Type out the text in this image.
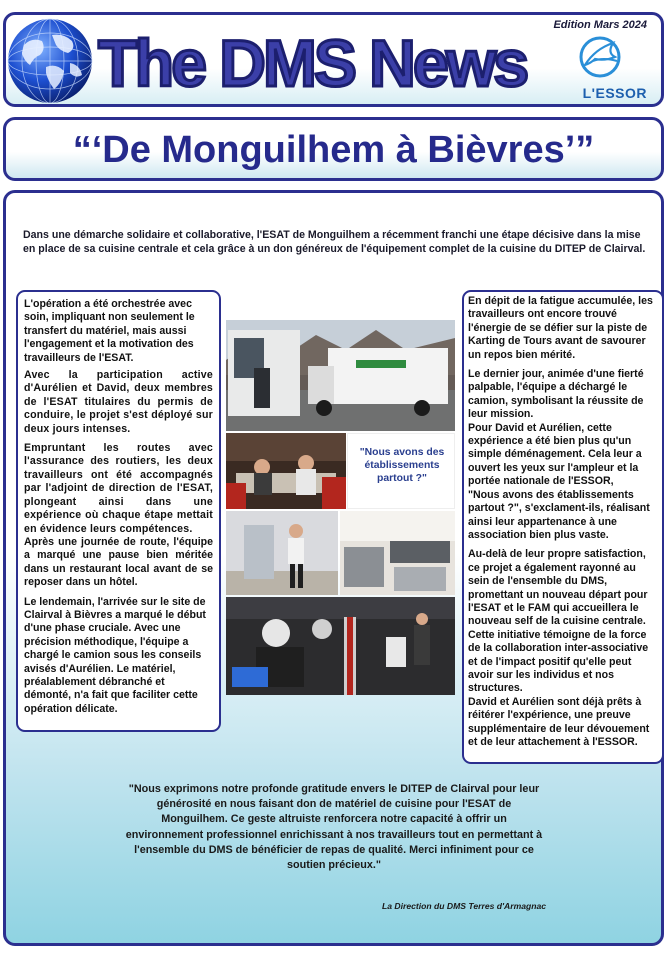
The DMS News
Edition Mars 2024
L'ESSOR
“‘De Monguilhem à Bièvres’”
Dans une démarche solidaire et collaborative, l'ESAT de Monguilhem a récemment franchi une étape décisive dans la mise en place de sa cuisine centrale et cela grâce à un don généreux de l'équipement complet de la cuisine du DITEP de Clairval.

L'opération a été orchestrée avec soin, impliquant non seulement le transfert du matériel, mais aussi l'engagement et la motivation des travailleurs de l'ESAT.

Avec la participation active d'Aurélien et David, deux membres de l'ESAT titulaires du permis de conduire, le projet s'est déployé sur deux jours intenses.

Empruntant les routes avec l'assurance des routiers, les deux travailleurs ont été accompagnés par l'adjoint de direction de l'ESAT, plongeant ainsi dans une expérience où chaque étape mettait en évidence leurs compétences.

Après une journée de route, l'équipe a marqué une pause bien méritée dans un restaurant local avant de se reposer dans un hôtel.

Le lendemain, l'arrivée sur le site de Clairval à Bièvres a marqué le début d'une phase cruciale. Avec une précision méthodique, l'équipe a chargé le camion sous les conseils avisés d'Aurélien. Le matériel, préalablement débranché et démonté, n'a fait que faciliter cette opération délicate.

"Nous avons des établissements partout ?"

En dépit de la fatigue accumulée, les travailleurs ont encore trouvé l'énergie de se défier sur la piste de Karting de Tours avant de savourer un repos bien mérité.

Le dernier jour, animée d'une fierté palpable, l'équipe a déchargé le camion, symbolisant la réussite de leur mission.

Pour David et Aurélien, cette expérience a été bien plus qu'un simple déménagement. Cela leur a ouvert les yeux sur l'ampleur et la portée nationale de l'ESSOR,

"Nous avons des établissements partout ?", s'exclament-ils, réalisant ainsi leur appartenance à une association bien plus vaste.

Au-delà de leur propre satisfaction, ce projet a également rayonné au sein de l'ensemble du DMS, promettant un nouveau départ pour l'ESAT et le FAM qui accueillera le nouveau self de la cuisine centrale. Cette initiative témoigne de la force de la collaboration inter-associative et de l'impact positif qu'elle peut avoir sur les individus et nos structures.

David et Aurélien sont déjà prêts à réitérer l'expérience, une preuve supplémentaire de leur dévouement et de leur attachement à l'ESSOR.

"Nous exprimons notre profonde gratitude envers le DITEP de Clairval pour leur générosité en nous faisant don de matériel de cuisine pour l'ESAT de Monguilhem. Ce geste altruiste renforcera notre capacité à offrir un environnement professionnel enrichissant à nos travailleurs tout en permettant à l'ensemble du DMS de bénéficier de repas de qualité. Merci infiniment pour ce soutien précieux."
La Direction du DMS Terres d'Armagnac
